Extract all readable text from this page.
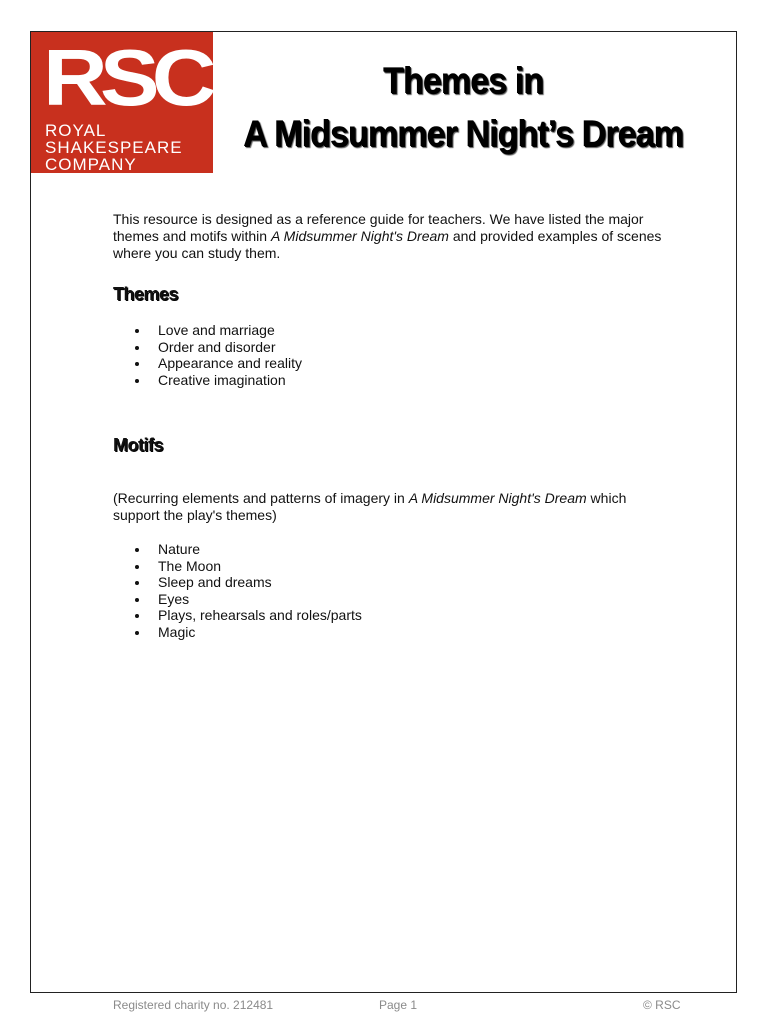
RSC
ROYAL
SHAKESPEARE
COMPANY
Themes in
A Midsummer Night’s Dream

This resource is designed as a reference guide for teachers. We have listed the major themes and motifs within A Midsummer Night's Dream and provided examples of scenes where you can study them.

Themes
Love and marriage
Order and disorder
Appearance and reality
Creative imagination
Motifs

(Recurring elements and patterns of imagery in A Midsummer Night's Dream which support the play's themes)

Nature
The Moon
Sleep and dreams
Eyes
Plays, rehearsals and roles/parts
Magic
Registered charity no. 212481	Page 1	© RSC
